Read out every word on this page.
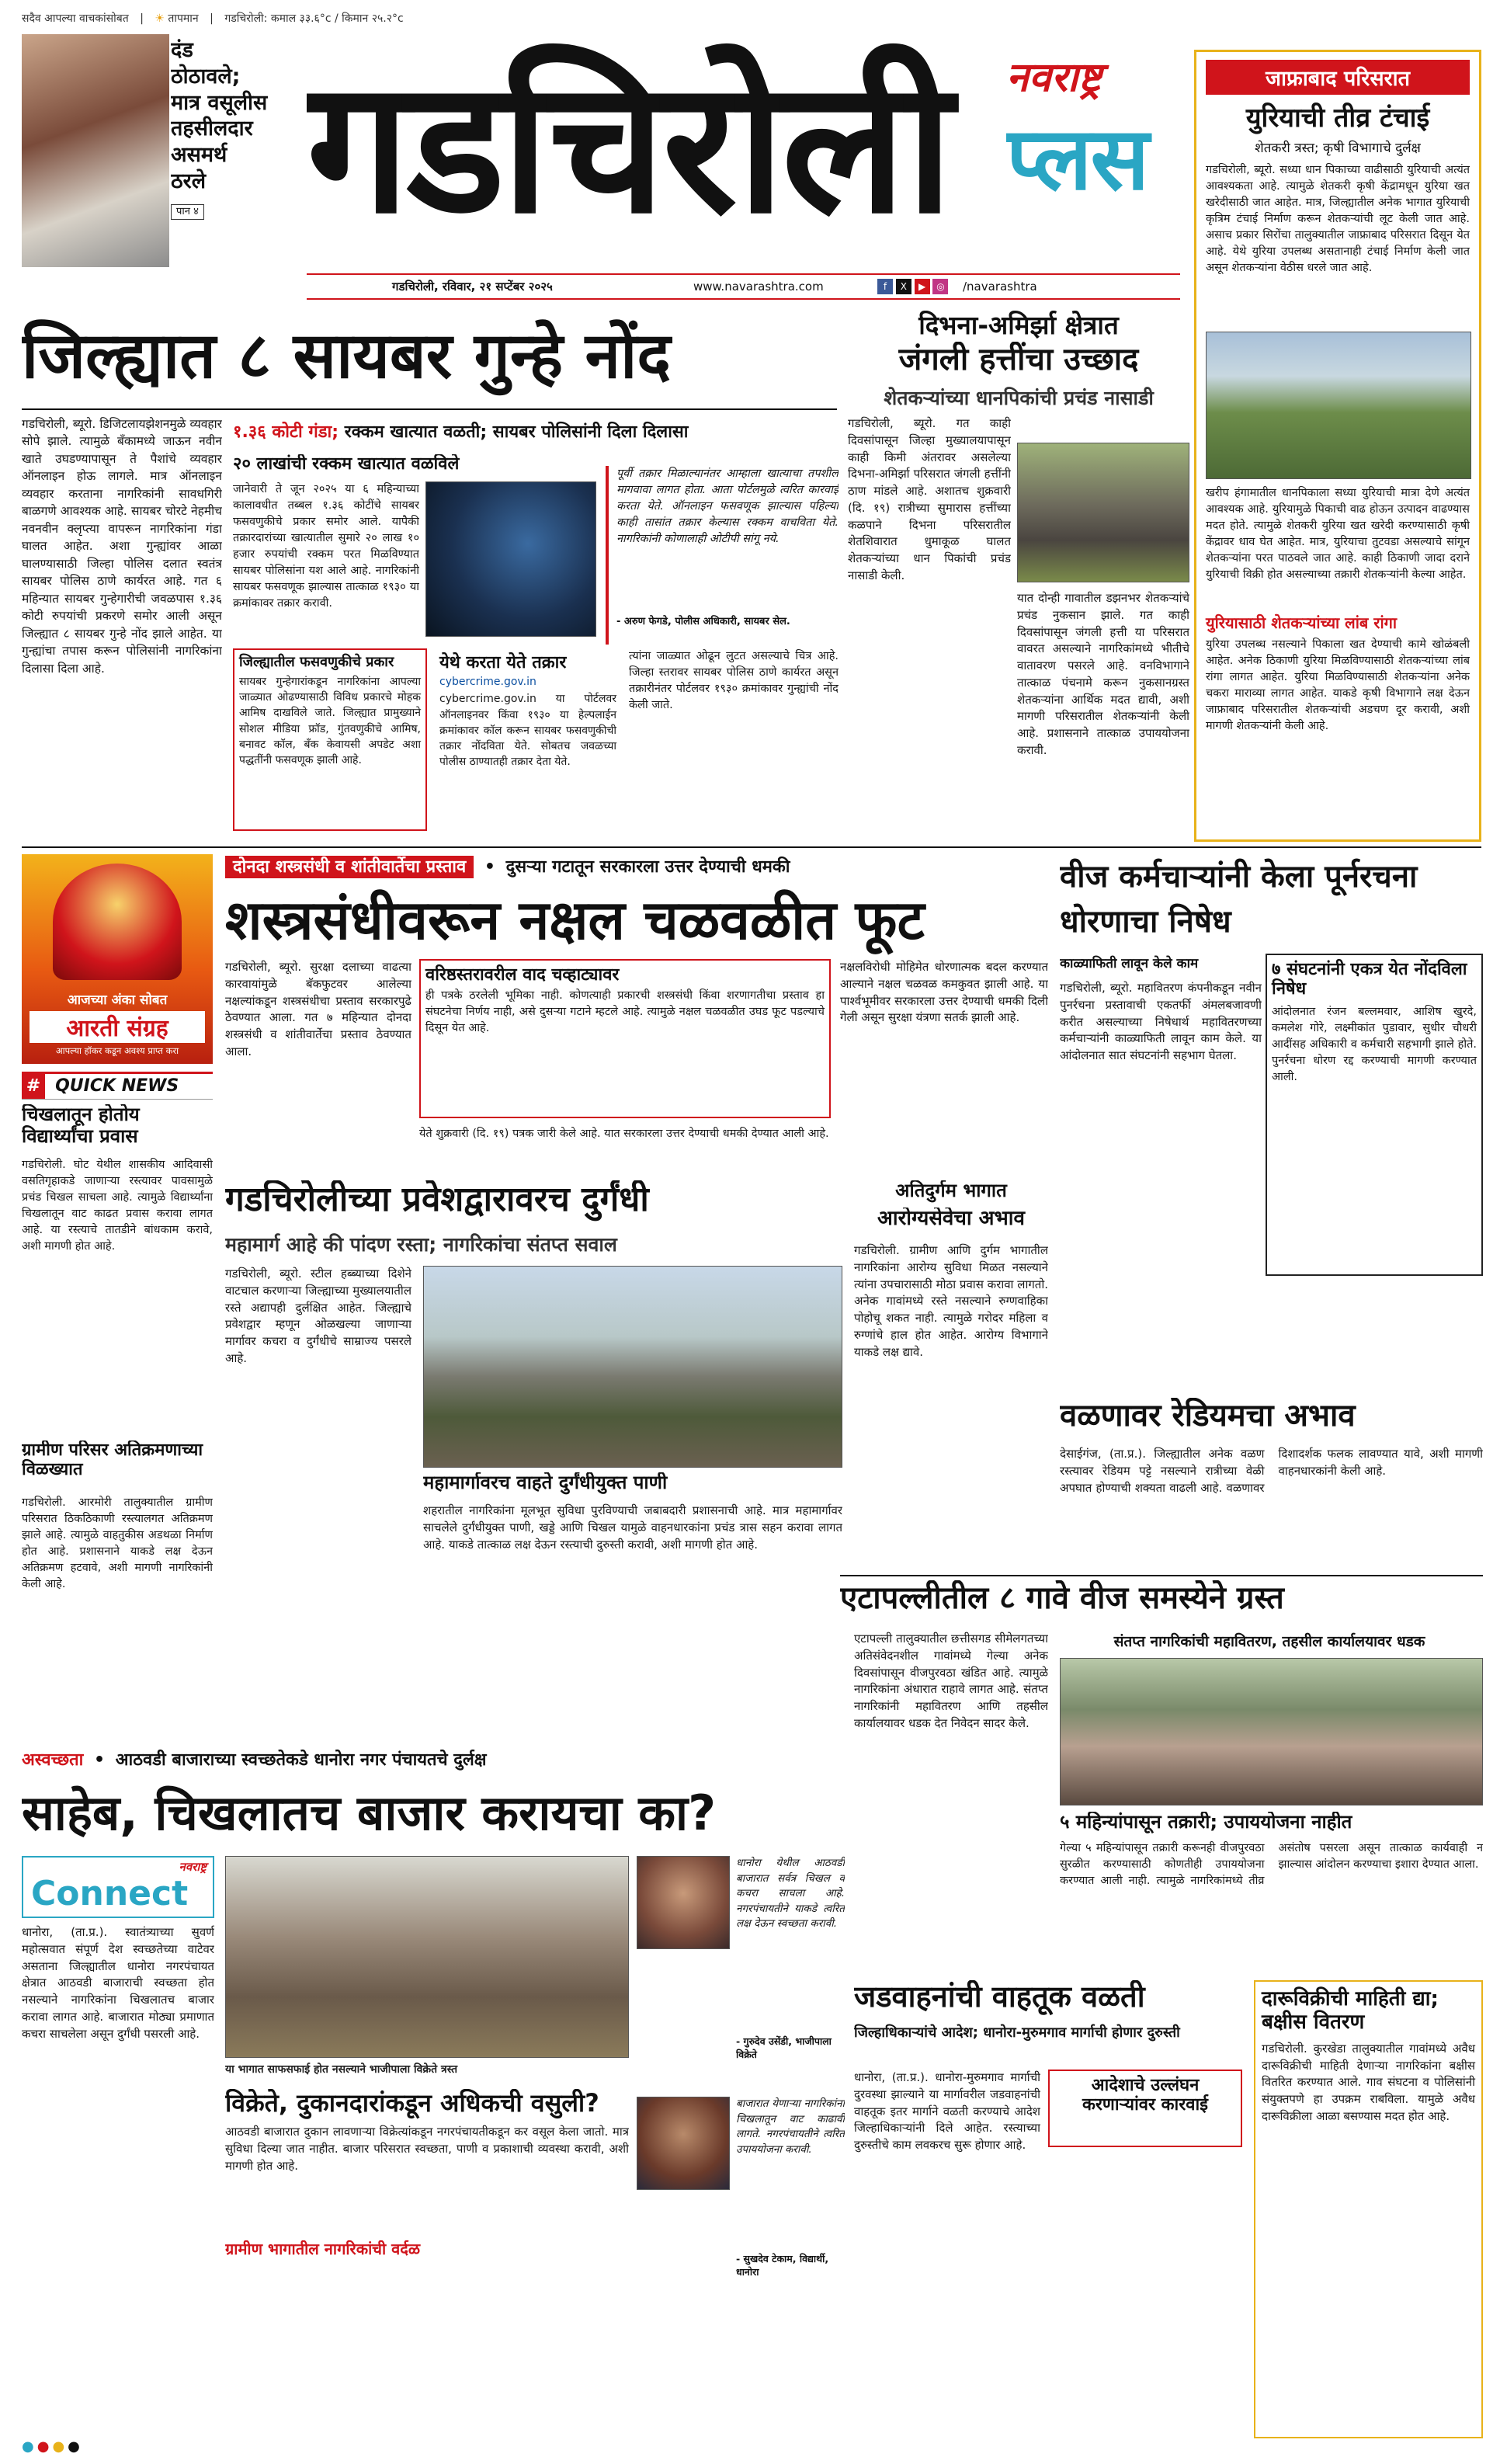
सदैव आपल्या वाचकांसोबत | ☀ तापमान | गडचिरोली: कमाल ३३.६°c / किमान २५.२°c
दंड
ठोठावले;
मात्र वसूलीस
तहसीलदार
असमर्थ
ठरले
पान ४ गडचिरोली	नवराष्ट्र
प्लस
गडचिरोली, रविवार, २१ सप्टेंबर २०२५	www.navarashtra.com	f X ▶ ◎	/navarashtra
जाफ्राबाद परिसरात
युरियाची तीव्र टंचाई
शेतकरी त्रस्त; कृषी विभागाचे दुर्लक्ष
गडचिरोली, ब्यूरो. सध्या धान पिकाच्या वाढीसाठी युरियाची अत्यंत आवश्यकता आहे. त्यामुळे शेतकरी कृषी केंद्रामधून युरिया खत खरेदीसाठी जात आहेत. मात्र, जिल्ह्यातील अनेक भागात युरियाची कृत्रिम टंचाई निर्माण करून शेतकऱ्यांची लूट केली जात आहे. असाच प्रकार सिरोंचा तालुक्यातील जाफ्राबाद परिसरात दिसून येत आहे. येथे युरिया उपलब्ध असतानाही टंचाई निर्माण केली जात असून शेतकऱ्यांना वेठीस धरले जात आहे.
खरीप हंगामातील धानपिकाला सध्या युरियाची मात्रा देणे अत्यंत आवश्यक आहे. युरियामुळे पिकाची वाढ होऊन उत्पादन वाढण्यास मदत होते. त्यामुळे शेतकरी युरिया खत खरेदी करण्यासाठी कृषी केंद्रावर धाव घेत आहेत. मात्र, युरियाचा तुटवडा असल्याचे सांगून शेतकऱ्यांना परत पाठवले जात आहे. काही ठिकाणी जादा दराने युरियाची विक्री होत असल्याच्या तक्रारी शेतकऱ्यांनी केल्या आहेत.
युरियासाठी शेतकऱ्यांच्या लांब रांगा
युरिया उपलब्ध नसल्याने पिकाला खत देण्याची कामे खोळंबली आहेत. अनेक ठिकाणी युरिया मिळविण्यासाठी शेतकऱ्यांच्या लांब रांगा लागत आहेत. युरिया मिळविण्यासाठी शेतकऱ्यांना अनेक चकरा माराव्या लागत आहेत. याकडे कृषी विभागाने लक्ष देऊन जाफ्राबाद परिसरातील शेतकऱ्यांची अडचण दूर करावी, अशी मागणी शेतकऱ्यांनी केली आहे.
जिल्ह्यात ८ सायबर गुन्हे नोंद
गडचिरोली, ब्यूरो. डिजिटलायझेशनमुळे व्यवहार सोपे झाले. त्यामुळे बँकामध्ये जाऊन नवीन खाते उघडण्यापासून ते पैशांचे व्यवहार ऑनलाइन होऊ लागले. मात्र ऑनलाइन व्यवहार करताना नागरिकांनी सावधगिरी बाळगणे आवश्यक आहे. सायबर चोरटे नेहमीच नवनवीन क्लृप्त्या वापरून नागरिकांना गंडा घालत आहेत. अशा गुन्ह्यांवर आळा घालण्यासाठी जिल्हा पोलिस दलात स्वतंत्र सायबर पोलिस ठाणे कार्यरत आहे. गत ६ महिन्यात सायबर गुन्हेगारीची जवळपास १.३६ कोटी रुपयांची प्रकरणे समोर आली असून जिल्ह्यात ८ सायबर गुन्हे नोंद झाले आहेत. या गुन्ह्यांचा तपास करून पोलिसांनी नागरिकांना दिलासा दिला आहे.
१.३६ कोटी गंडा; रक्कम खात्यात वळती; सायबर पोलिसांनी दिला दिलासा
२० लाखांची रक्कम खात्यात वळविले
जानेवारी ते जून २०२५ या ६ महिन्याच्या कालावधीत तब्बल १.३६ कोटींचे सायबर फसवणुकीचे प्रकार समोर आले. यापैकी तक्रारदारांच्या खात्यातील सुमारे २० लाख १० हजार रुपयांची रक्कम परत मिळविण्यात सायबर पोलिसांना यश आले आहे. नागरिकांनी सायबर फसवणूक झाल्यास तात्काळ १९३० या क्रमांकावर तक्रार करावी.
पूर्वी तक्रार मिळाल्यानंतर आम्हाला खात्याचा तपशील मागवावा लागत होता. आता पोर्टलमुळे त्वरित कारवाई करता येते. ऑनलाइन फसवणूक झाल्यास पहिल्या काही तासांत तक्रार केल्यास रक्कम वाचविता येते. नागरिकांनी कोणालाही ओटीपी सांगू नये.
- अरुण फेगडे, पोलीस अधिकारी, सायबर सेल.
जिल्ह्यातील फसवणुकीचे प्रकार
सायबर गुन्हेगारांकडून नागरिकांना आपल्या जाळ्यात ओढण्यासाठी विविध प्रकारचे मोहक आमिष दाखविले जाते. जिल्ह्यात प्रामुख्याने सोशल मीडिया फ्रॉड, गुंतवणुकीचे आमिष, बनावट कॉल, बँक केवायसी अपडेट अशा पद्धतींनी फसवणूक झाली आहे.
येथे करता येते तक्रार
cybercrime.gov.in
cybercrime.gov.in या पोर्टलवर ऑनलाइनवर किंवा १९३० या हेल्पलाईन क्रमांकावर कॉल करून सायबर फसवणुकीची तक्रार नोंदविता येते. सोबतच जवळच्या पोलीस ठाण्यातही तक्रार देता येते.
त्यांना जाळ्यात ओढून लुटत असल्याचे चित्र आहे. जिल्हा स्तरावर सायबर पोलिस ठाणे कार्यरत असून तक्रारीनंतर पोर्टलवर १९३० क्रमांकावर गुन्ह्यांची नोंद केली जाते.
दिभना-अमिर्झा क्षेत्रात
जंगली हत्तींचा उच्छाद
शेतकऱ्यांच्या धानपिकांची प्रचंड नासाडी
गडचिरोली, ब्यूरो. गत काही दिवसांपासून जिल्हा मुख्यालयापासून काही किमी अंतरावर असलेल्या दिभना-अमिर्झा परिसरात जंगली हत्तींनी ठाण मांडले आहे. अशातच शुक्रवारी (दि. १९) रात्रीच्या सुमारास हत्तींच्या कळपाने दिभना परिसरातील शेतशिवारात धुमाकूळ घालत शेतकऱ्यांच्या धान पिकांची प्रचंड नासाडी केली.
यात दोन्ही गावातील डझनभर शेतकऱ्यांचे प्रचंड नुकसान झाले. गत काही दिवसांपासून जंगली हत्ती या परिसरात वावरत असल्याने नागरिकांमध्ये भीतीचे वातावरण पसरले आहे. वनविभागाने तात्काळ पंचनामे करून नुकसानग्रस्त शेतकऱ्यांना आर्थिक मदत द्यावी, अशी मागणी परिसरातील शेतकऱ्यांनी केली आहे. प्रशासनाने तात्काळ उपाययोजना करावी.
आजच्या अंका सोबत
आरती संग्रह
आपल्या हॉकर कडून अवश्य प्राप्त करा
# QUICK NEWS
चिखलातून होतोय विद्यार्थ्यांचा प्रवास
गडचिरोली. घोट येथील शासकीय आदिवासी वसतिगृहाकडे जाणाऱ्या रस्त्यावर पावसामुळे प्रचंड चिखल साचला आहे. त्यामुळे विद्यार्थ्यांना चिखलातून वाट काढत प्रवास करावा लागत आहे. या रस्त्याचे तातडीने बांधकाम करावे, अशी मागणी होत आहे.
ग्रामीण परिसर अतिक्रमणाच्या विळख्यात
गडचिरोली. आरमोरी तालुक्यातील ग्रामीण परिसरात ठिकठिकाणी रस्त्यालगत अतिक्रमण झाले आहे. त्यामुळे वाहतुकीस अडथळा निर्माण होत आहे. प्रशासनाने याकडे लक्ष देऊन अतिक्रमण हटवावे, अशी मागणी नागरिकांनी केली आहे.
दोनदा शस्त्रसंधी व शांतीवार्तेचा प्रस्ताव • दुसऱ्या गटातून सरकारला उत्तर देण्याची धमकी
शस्त्रसंधीवरून नक्षल चळवळीत फूट
गडचिरोली, ब्यूरो. सुरक्षा दलाच्या वाढत्या कारवायांमुळे बॅकफुटवर आलेल्या नक्षल्यांकडून शस्त्रसंधीचा प्रस्ताव सरकारपुढे ठेवण्यात आला. गत ७ महिन्यात दोनदा शस्त्रसंधी व शांतीवार्तेचा प्रस्ताव ठेवण्यात आला.
वरिष्ठस्तरावरील वाद चव्हाट्यावर
ही पत्रके ठरलेली भूमिका नाही. कोणत्याही प्रकारची शस्त्रसंधी किंवा शरणागतीचा प्रस्ताव हा संघटनेचा निर्णय नाही, असे दुसऱ्या गटाने म्हटले आहे. त्यामुळे नक्षल चळवळीत उघड फूट पडल्याचे दिसून येत आहे.
येते शुक्रवारी (दि. १९) पत्रक जारी केले आहे. यात सरकारला उत्तर देण्याची धमकी देण्यात आली आहे.
नक्षलविरोधी मोहिमेत धोरणात्मक बदल करण्यात आल्याने नक्षल चळवळ कमकुवत झाली आहे. या पार्श्वभूमीवर सरकारला उत्तर देण्याची धमकी दिली गेली असून सुरक्षा यंत्रणा सतर्क झाली आहे.
गडचिरोलीच्या प्रवेशद्वारावरच दुर्गंधी
महामार्ग आहे की पांदण रस्ता; नागरिकांचा संतप्त सवाल
गडचिरोली, ब्यूरो. स्टील हब्ब्याच्या दिशेने वाटचाल करणाऱ्या जिल्ह्याच्या मुख्यालयातील रस्ते अद्यापही दुर्लक्षित आहेत. जिल्ह्याचे प्रवेशद्वार म्हणून ओळखल्या जाणाऱ्या मार्गावर कचरा व दुर्गंधीचे साम्राज्य पसरले आहे.
महामार्गावरच वाहते दुर्गंधीयुक्त पाणी
शहरातील नागरिकांना मूलभूत सुविधा पुरविण्याची जबाबदारी प्रशासनाची आहे. मात्र महामार्गावर साचलेले दुर्गंधीयुक्त पाणी, खड्डे आणि चिखल यामुळे वाहनधारकांना प्रचंड त्रास सहन करावा लागत आहे. याकडे तात्काळ लक्ष देऊन रस्त्याची दुरुस्ती करावी, अशी मागणी होत आहे.
अतिदुर्गम भागात
आरोग्यसेवेचा अभाव
गडचिरोली. ग्रामीण आणि दुर्गम भागातील नागरिकांना आरोग्य सुविधा मिळत नसल्याने त्यांना उपचारासाठी मोठा प्रवास करावा लागतो. अनेक गावांमध्ये रस्ते नसल्याने रुग्णवाहिका पोहोचू शकत नाही. त्यामुळे गरोदर महिला व रुग्णांचे हाल होत आहेत. आरोग्य विभागाने याकडे लक्ष द्यावे.
वीज कर्मचाऱ्यांनी केला पूर्नरचना धोरणाचा निषेध
काळ्याफिती लावून केले काम
गडचिरोली, ब्यूरो. महावितरण कंपनीकडून नवीन पुनर्रचना प्रस्तावाची एकतर्फी अंमलबजावणी करीत असल्याच्या निषेधार्थ महावितरणच्या कर्मचाऱ्यांनी काळ्याफिती लावून काम केले. या आंदोलनात सात संघटनांनी सहभाग घेतला.
७ संघटनांनी एकत्र येत नोंदविला निषेध
आंदोलनात रंजन बल्लमवार, आशिष खुरदे, कमलेश गोरे, लक्ष्मीकांत पुडावार, सुधीर चौधरी आदींसह अधिकारी व कर्मचारी सहभागी झाले होते. पुनर्रचना धोरण रद्द करण्याची मागणी करण्यात आली.
वळणावर रेडियमचा अभाव
देसाईगंज, (ता.प्र.). जिल्ह्यातील अनेक वळण रस्त्यावर रेडियम पट्टे नसल्याने रात्रीच्या वेळी अपघात होण्याची शक्यता वाढली आहे. वळणावर दिशादर्शक फलक लावण्यात यावे, अशी मागणी वाहनधारकांनी केली आहे.
एटापल्लीतील ८ गावे वीज समस्येने ग्रस्त
संतप्त नागरिकांची महावितरण, तहसील कार्यालयावर धडक
एटापल्ली तालुक्यातील छत्तीसगड सीमेलगतच्या अतिसंवेदनशील गावांमध्ये गेल्या अनेक दिवसांपासून वीजपुरवठा खंडित आहे. त्यामुळे नागरिकांना अंधारात राहावे लागत आहे. संतप्त नागरिकांनी महावितरण आणि तहसील कार्यालयावर धडक देत निवेदन सादर केले.
५ महिन्यांपासून तक्रारी; उपाययोजना नाहीत
गेल्या ५ महिन्यांपासून तक्रारी करूनही वीजपुरवठा सुरळीत करण्यासाठी कोणतीही उपाययोजना करण्यात आली नाही. त्यामुळे नागरिकांमध्ये तीव्र असंतोष पसरला असून तात्काळ कार्यवाही न झाल्यास आंदोलन करण्याचा इशारा देण्यात आला.
अस्वच्छता • आठवडी बाजाराच्या स्वच्छतेकडे धानोरा नगर पंचायतचे दुर्लक्ष
साहेब, चिखलातच बाजार करायचा का?
नवराष्ट्र
Connect
धानोरा, (ता.प्र.). स्वातंत्र्याच्या सुवर्ण महोत्सवात संपूर्ण देश स्वच्छतेच्या वाटेवर असताना जिल्ह्यातील धानोरा नगरपंचायत क्षेत्रात आठवडी बाजाराची स्वच्छता होत नसल्याने नागरिकांना चिखलातच बाजार करावा लागत आहे. बाजारात मोठ्या प्रमाणात कचरा साचलेला असून दुर्गंधी पसरली आहे.
या भागात साफसफाई होत नसल्याने भाजीपाला विक्रेते त्रस्त
धानोरा येथील आठवडी बाजारात सर्वत्र चिखल व कचरा साचला आहे. नगरपंचायतीने याकडे त्वरित लक्ष देऊन स्वच्छता करावी.
- गुरुदेव उसेंडी, भाजीपाला विक्रेते
विक्रेते, दुकानदारांकडून अधिकची वसुली?
आठवडी बाजारात दुकान लावणाऱ्या विक्रेत्यांकडून नगरपंचायतीकडून कर वसूल केला जातो. मात्र सुविधा दिल्या जात नाहीत. बाजार परिसरात स्वच्छता, पाणी व प्रकाशाची व्यवस्था करावी, अशी मागणी होत आहे.
ग्रामीण भागातील नागरिकांची वर्दळ
बाजारात येणाऱ्या नागरिकांना चिखलातून वाट काढावी लागते. नगरपंचायतीने त्वरित उपाययोजना करावी.
- सुखदेव टेकाम, विद्यार्थी, धानोरा
जडवाहनांची वाहतूक वळती
जिल्हाधिकाऱ्यांचे आदेश; धानोरा-मुरुमगाव मार्गाची होणार दुरुस्ती
धानोरा, (ता.प्र.). धानोरा-मुरुमगाव मार्गाची दुरवस्था झाल्याने या मार्गावरील जडवाहनांची वाहतूक इतर मार्गाने वळती करण्याचे आदेश जिल्हाधिकाऱ्यांनी दिले आहेत. रस्त्याच्या दुरुस्तीचे काम लवकरच सुरू होणार आहे.
आदेशाचे उल्लंघन करणाऱ्यांवर कारवाई
दारूविक्रीची माहिती द्या; बक्षीस वितरण
गडचिरोली. कुरखेडा तालुक्यातील गावांमध्ये अवैध दारूविक्रीची माहिती देणाऱ्या नागरिकांना बक्षीस वितरित करण्यात आले. गाव संघटना व पोलिसांनी संयुक्तपणे हा उपक्रम राबविला. यामुळे अवैध दारूविक्रीला आळा बसण्यास मदत होत आहे.
●●●●
